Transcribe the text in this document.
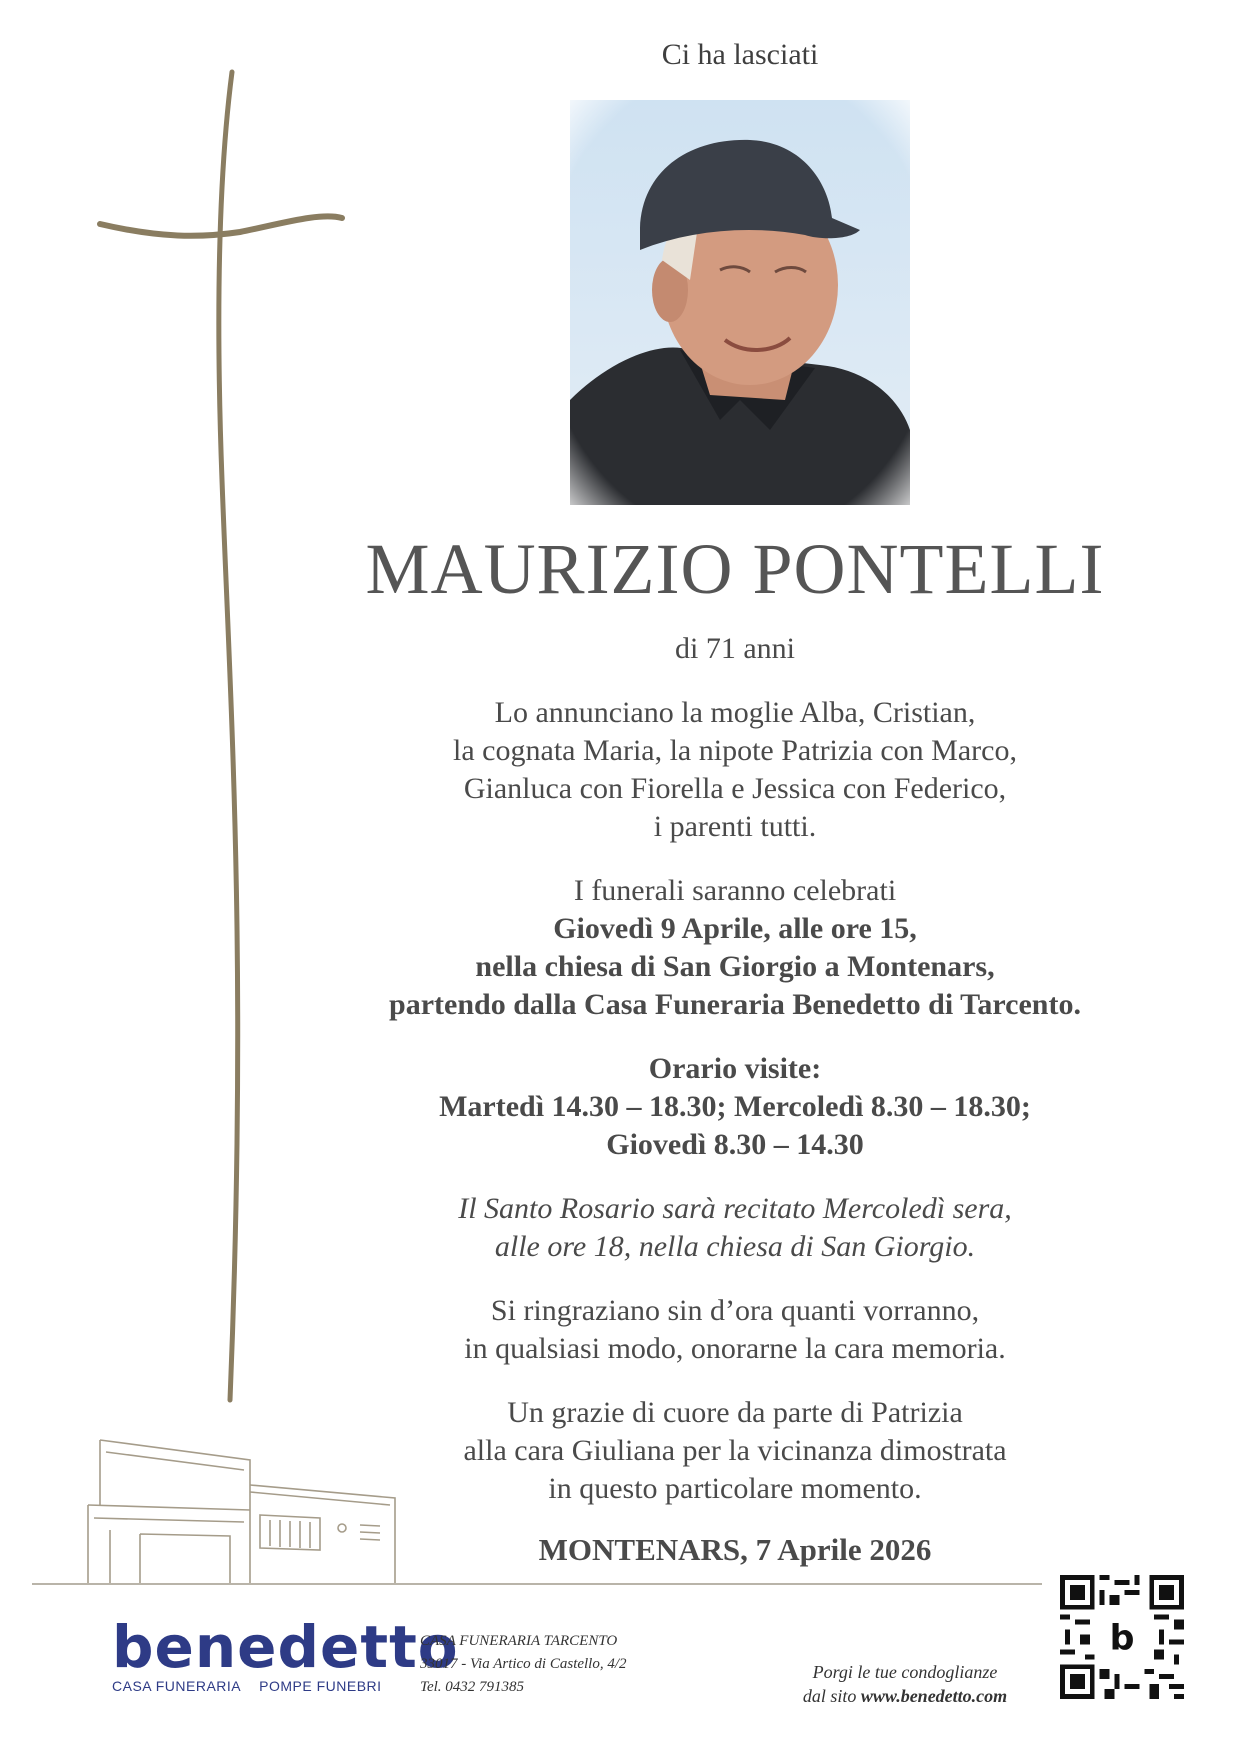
Ci ha lasciati
MAURIZIO PONTELLI
di 71 anni
Lo annunciano la moglie Alba, Cristian,
la cognata Maria, la nipote Patrizia con Marco,
Gianluca con Fiorella e Jessica con Federico,
i parenti tutti.
I funerali saranno celebrati
Giovedì 9 Aprile, alle ore 15,
nella chiesa di San Giorgio a Montenars,
partendo dalla Casa Funeraria Benedetto di Tarcento.
Orario visite:
Martedì 14.30 – 18.30; Mercoledì 8.30 – 18.30;
Giovedì 8.30 – 14.30
Il Santo Rosario sarà recitato Mercoledì sera,
alle ore 18, nella chiesa di San Giorgio.
Si ringraziano sin d’ora quanti vorranno,
in qualsiasi modo, onorarne la cara memoria.
Un grazie di cuore da parte di Patrizia
alla cara Giuliana per la vicinanza dimostrata
in questo particolare momento.
MONTENARS, 7 Aprile 2026
benedetto
CASA FUNERARIA POMPE FUNEBRI
CASA FUNERARIA TARCENTO
33017 - Via Artico di Castello, 4/2
Tel. 0432 791385
Porgi le tue condoglianze
dal sito www.benedetto.com
b
